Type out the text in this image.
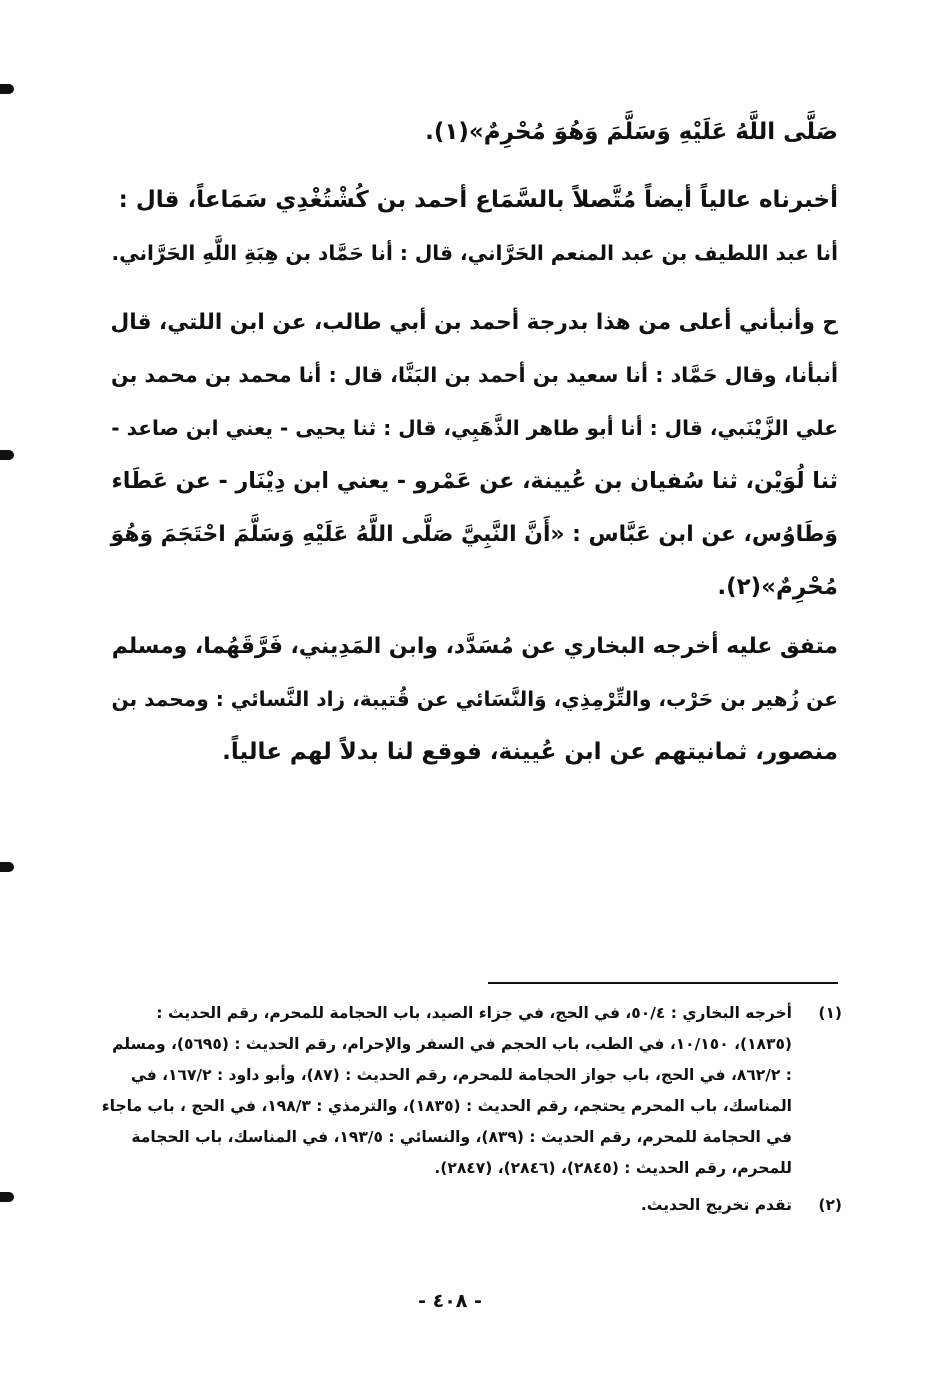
صَلَّى اللَّهُ عَلَيْهِ وَسَلَّمَ وَهُوَ مُحْرِمٌ»(١).

أخبرناه عالياً أيضاً مُتَّصلاً بالسَّمَاع أحمد بن كُشْتُغْدِي سَمَاعاً، قال :
أنا عبد اللطيف بن عبد المنعم الحَرَّاني، قال : أنا حَمَّاد بن هِبَةِ اللَّهِ الحَرَّاني.

ح وأنبأني أعلى من هذا بدرجة أحمد بن أبي طالب، عن ابن اللتي، قال
أنبأنا، وقال حَمَّاد : أنا سعيد بن أحمد بن البَنَّا، قال : أنا محمد بن محمد بن
علي الزَّيْنَبي، قال : أنا أبو طاهر الذَّهَبِي، قال : ثنا يحيى - يعني ابن صاعد -
ثنا لُوَيْن، ثنا سُفيان بن عُيينة، عن عَمْرو - يعني ابن دِيْنَار - عن عَطَاء
وَطَاوُس، عن ابن عَبَّاس : «أَنَّ النَّبِيَّ صَلَّى اللَّهُ عَلَيْهِ وَسَلَّمَ احْتَجَمَ وَهُوَ
مُحْرِمٌ»(٢).

متفق عليه أخرجه البخاري عن مُسَدَّد، وابن المَدِيني، فَرَّقَهُما، ومسلم
عن زُهير بن حَرْب، والتِّرْمِذِي، وَالنَّسَائي عن قُتيبة، زاد النَّسائي : ومحمد بن
منصور، ثمانيتهم عن ابن عُيينة، فوقع لنا بدلاً لهم عالياً.

(١)
أخرجه البخاري : ٥٠/٤، في الحج، في جزاء الصيد، باب الحجامة للمحرم، رقم الحديث :
(١٨٣٥)، ١٠/١٥٠، في الطب، باب الحجم في السفر والإحرام، رقم الحديث : (٥٦٩٥)، ومسلم
: ٨٦٢/٢، في الحج، باب جواز الحجامة للمحرم، رقم الحديث : (٨٧)، وأبو داود : ١٦٧/٢، في
المناسك، باب المحرم يحتجم، رقم الحديث : (١٨٣٥)، والترمذي : ١٩٨/٣، في الحج ، باب ماجاء
في الحجامة للمحرم، رقم الحديث : (٨٣٩)، والنسائي : ١٩٣/٥، في المناسك، باب الحجامة
للمحرم، رقم الحديث : (٢٨٤٥)، (٢٨٤٦)، (٢٨٤٧).
(٢)
تقدم تخريج الحديث.
- ٤٠٨ -
